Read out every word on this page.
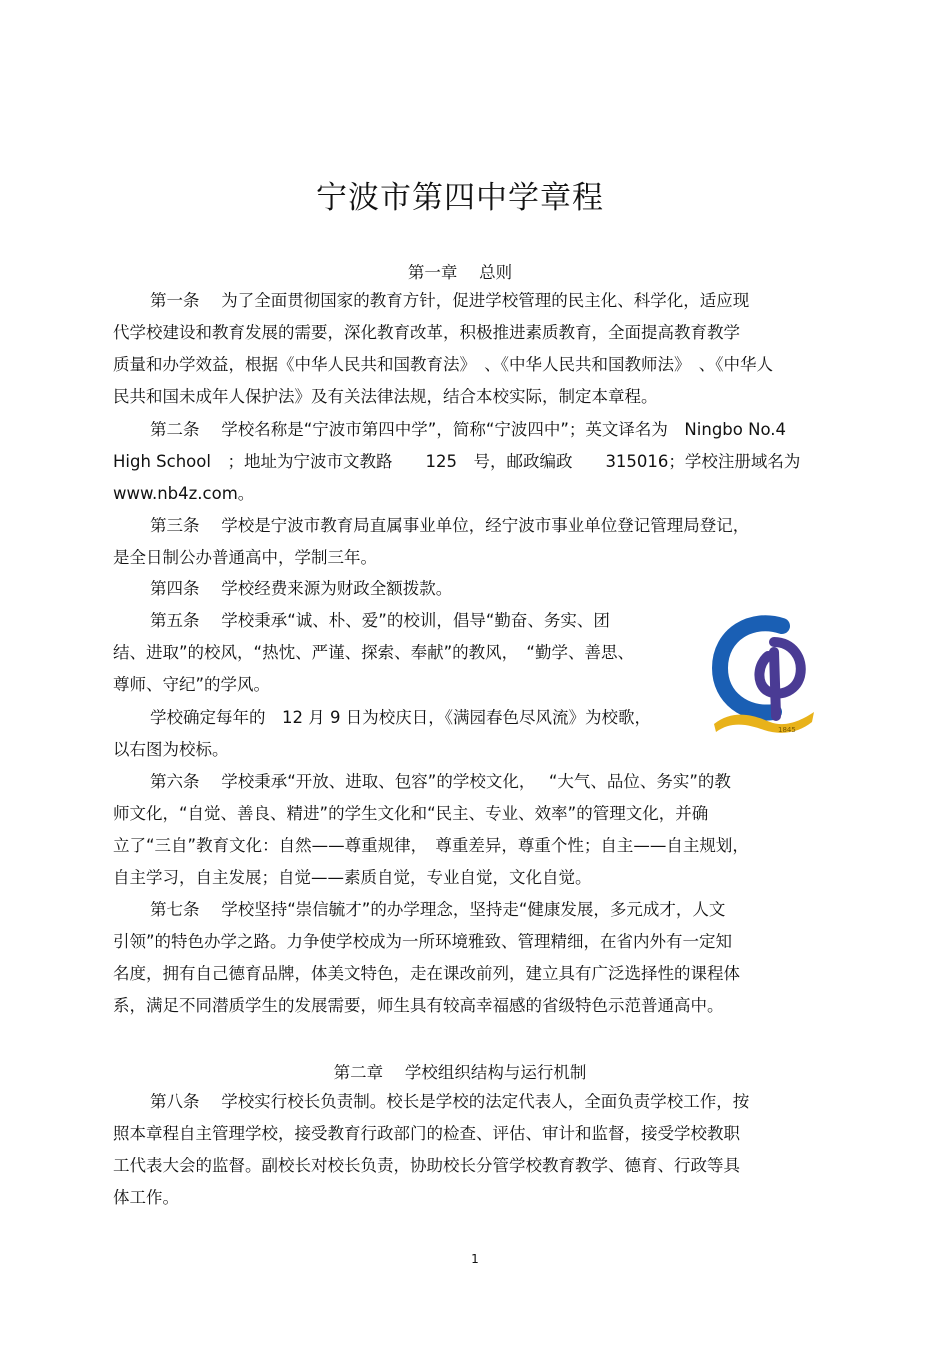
宁波市第四中学章程
第一章　 总则
第一条　 为了全面贯彻国家的教育方针，促进学校管理的民主化、科学化，适应现
代学校建设和教育发展的需要，深化教育改革，积极推进素质教育，全面提高教育教学
质量和办学效益，根据《中华人民共和国教育法》　、《中华人民共和国教师法》　、《中华人
民共和国未成年人保护法》及有关法律法规，结合本校实际，制定本章程。
第二条　 学校名称是“宁波市第四中学”，简称“宁波四中”；英文译名为　Ningbo No.4
High School　；地址为宁波市文教路　　125　号，邮政编政　　315016；学校注册域名为
www.nb4z.com。
第三条　 学校是宁波市教育局直属事业单位，经宁波市事业单位登记管理局登记，
是全日制公办普通高中，学制三年。
第四条　 学校经费来源为财政全额拨款。
第五条　 学校秉承“诚、朴、爱”的校训，倡导“勤奋、务实、团
结、进取”的校风，“热忱、严谨、探索、奉献”的教风，　“勤学、善思、
尊师、守纪”的学风。
学校确定每年的　12 月 9 日为校庆日，《满园春色尽风流》为校歌，
以右图为校标。
1845
第六条　 学校秉承“开放、进取、包容”的学校文化，　 “大气、品位、务实”的教
师文化，“自觉、善良、精进”的学生文化和“民主、专业、效率”的管理文化，并确
立了“三自”教育文化：自然——尊重规律，　尊重差异，尊重个性；自主——自主规划，
自主学习，自主发展；自觉——素质自觉，专业自觉，文化自觉。
第七条　 学校坚持“崇信毓才”的办学理念，坚持走“健康发展，多元成才，人文
引领”的特色办学之路。力争使学校成为一所环境雅致、管理精细，在省内外有一定知
名度，拥有自己德育品牌，体美文特色，走在课改前列，建立具有广泛选择性的课程体
系，满足不同潜质学生的发展需要，师生具有较高幸福感的省级特色示范普通高中。
第二章　 学校组织结构与运行机制
第八条　 学校实行校长负责制。校长是学校的法定代表人，全面负责学校工作，按
照本章程自主管理学校，接受教育行政部门的检查、评估、审计和监督，接受学校教职
工代表大会的监督。副校长对校长负责，协助校长分管学校教育教学、德育、行政等具
体工作。
1
